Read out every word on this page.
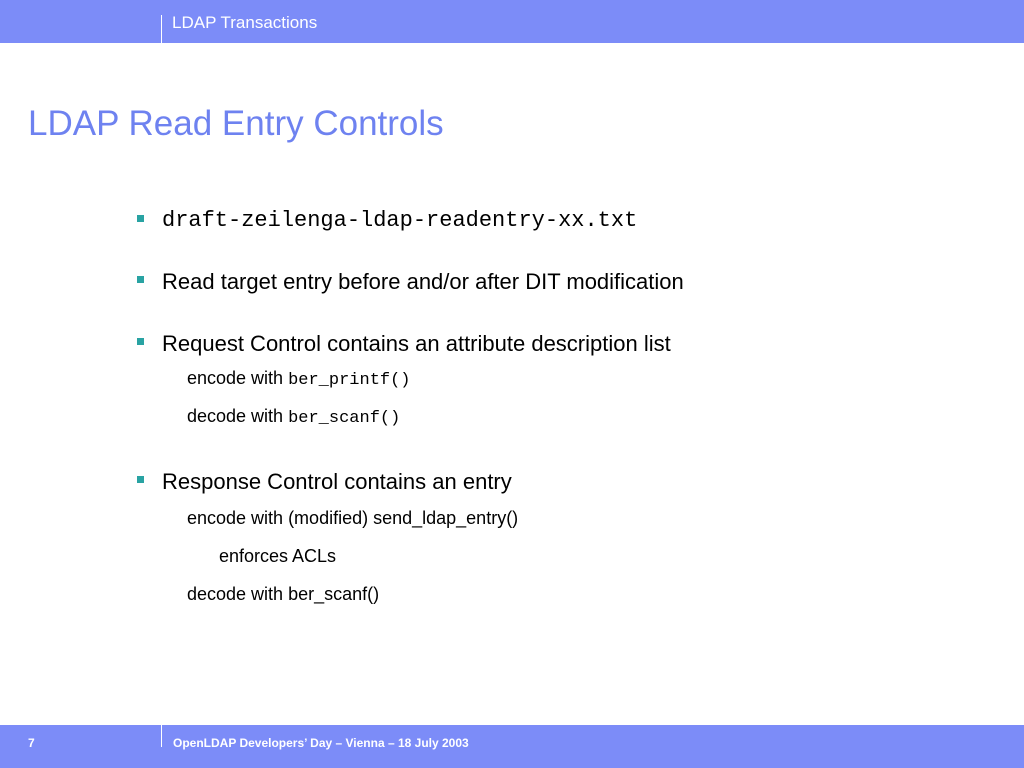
LDAP Transactions
LDAP Read Entry Controls
draft-zeilenga-ldap-readentry-xx.txt
Read target entry before and/or after DIT modification
Request Control contains an attribute description list
encode with ber_printf()
decode with ber_scanf()
Response Control contains an entry
encode with (modified) send_ldap_entry()
enforces ACLs
decode with ber_scanf()
7	OpenLDAP Developers’ Day – Vienna – 18 July 2003
